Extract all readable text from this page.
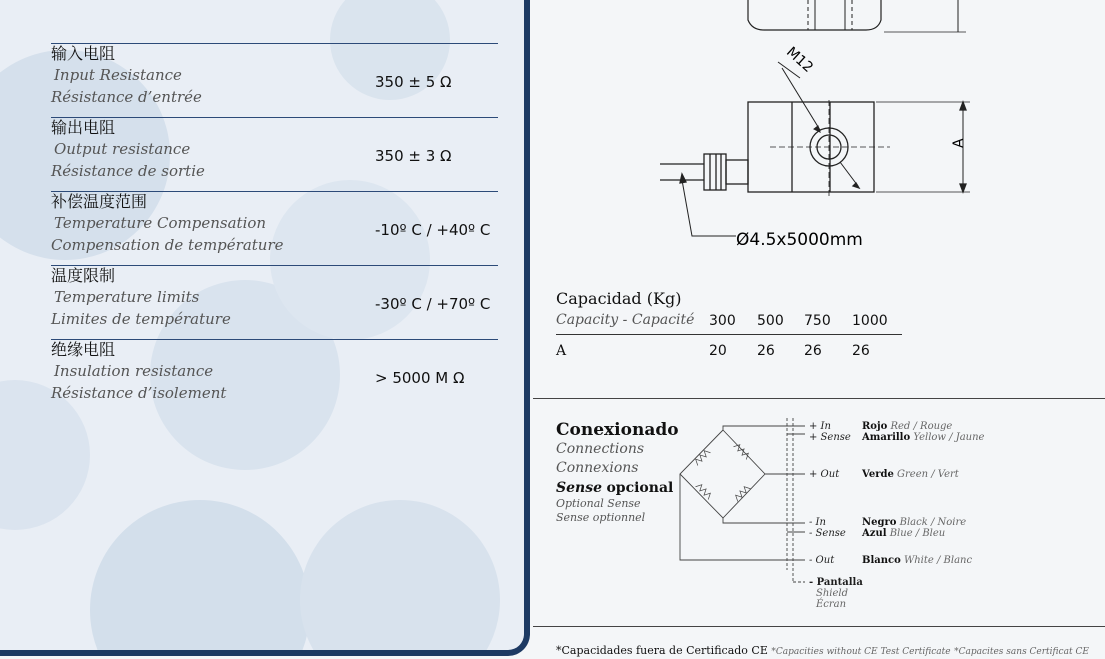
输入电阻
Input Resistance
Résistance d’entrée
350 ± 5 Ω
输出电阻
Output resistance
Résistance de sortie
350 ± 3 Ω
补偿温度范围
Temperature Compensation
Compensation de température
-10º C / +40º C
温度限制
Temperature limits
Limites de température
-30º C / +70º C
绝缘电阻
Insulation resistance
Résistance d’isolement
> 5000 M Ω
M12
A
Ø4.5x5000mm
Capacidad (Kg)
Capacity - Capacité 300 500 750 1000
A	20 26 26 26
Conexionado
Connections
Connexions
Sense opcional
Optional Sense
Sense optionnel
+ In
+ Sense
+ Out
- In
- Sense
- Out
Rojo Red / Rouge
Amarillo Yellow / Jaune
Verde Green / Vert
Negro Black / Noire
Azul Blue / Bleu
Blanco White / Blanc
- Pantalla
Shield
Écran
*Capacidades fuera de Certificado CE *Capacities without CE Test Certificate *Capacites sans Certificat CE
